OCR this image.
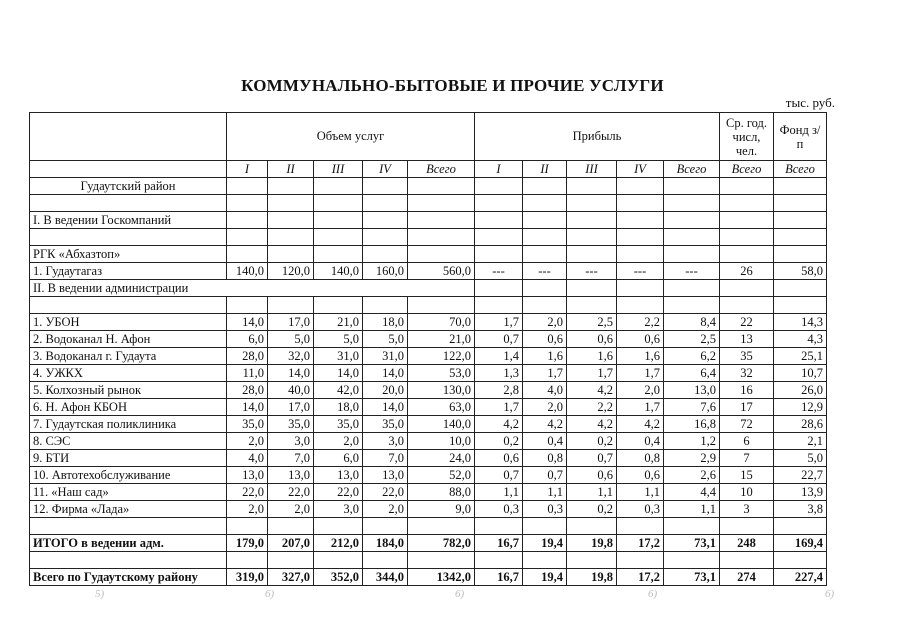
КОММУНАЛЬНО-БЫТОВЫЕ И ПРОЧИЕ УСЛУГИ
тыс. руб.
	Объем услуг					Прибыль					Ср. год. числ, чел.	Фонд з/п
	I	II	III	IV	Всего	I	II	III	IV	Всего	Всего	Всего
Гудаутский район												

I. В ведении Госкомпаний												

РГК «Абхазтоп»												
1. Гудаутагаз	140,0	120,0	140,0	160,0	560,0	---	---	---	---	---	26	58,0
II. В ведении администрации												

1. УБОН	14,0	17,0	21,0	18,0	70,0	1,7	2,0	2,5	2,2	8,4	22	14,3
2. Водоканал Н. Афон	6,0	5,0	5,0	5,0	21,0	0,7	0,6	0,6	0,6	2,5	13	4,3
3. Водоканал г. Гудаута	28,0	32,0	31,0	31,0	122,0	1,4	1,6	1,6	1,6	6,2	35	25,1
4. УЖКХ	11,0	14,0	14,0	14,0	53,0	1,3	1,7	1,7	1,7	6,4	32	10,7
5. Колхозный рынок	28,0	40,0	42,0	20,0	130,0	2,8	4,0	4,2	2,0	13,0	16	26,0
6. Н. Афон КБОН	14,0	17,0	18,0	14,0	63,0	1,7	2,0	2,2	1,7	7,6	17	12,9
7. Гудаутская поликлиника	35,0	35,0	35,0	35,0	140,0	4,2	4,2	4,2	4,2	16,8	72	28,6
8. СЭС	2,0	3,0	2,0	3,0	10,0	0,2	0,4	0,2	0,4	1,2	6	2,1
9. БТИ	4,0	7,0	6,0	7,0	24,0	0,6	0,8	0,7	0,8	2,9	7	5,0
10. Автотехобслуживание	13,0	13,0	13,0	13,0	52,0	0,7	0,7	0,6	0,6	2,6	15	22,7
11. «Наш сад»	22,0	22,0	22,0	22,0	88,0	1,1	1,1	1,1	1,1	4,4	10	13,9
12. Фирма «Лада»	2,0	2,0	3,0	2,0	9,0	0,3	0,3	0,2	0,3	1,1	3	3,8

ИТОГО в ведении адм.	179,0	207,0	212,0	184,0	782,0	16,7	19,4	19,8	17,2	73,1	248	169,4

Всего по Гудаутскому району	319,0	327,0	352,0	344,0	1342,0	16,7	19,4	19,8	17,2	73,1	274	227,4
5)	6)	6)	6)	6)
